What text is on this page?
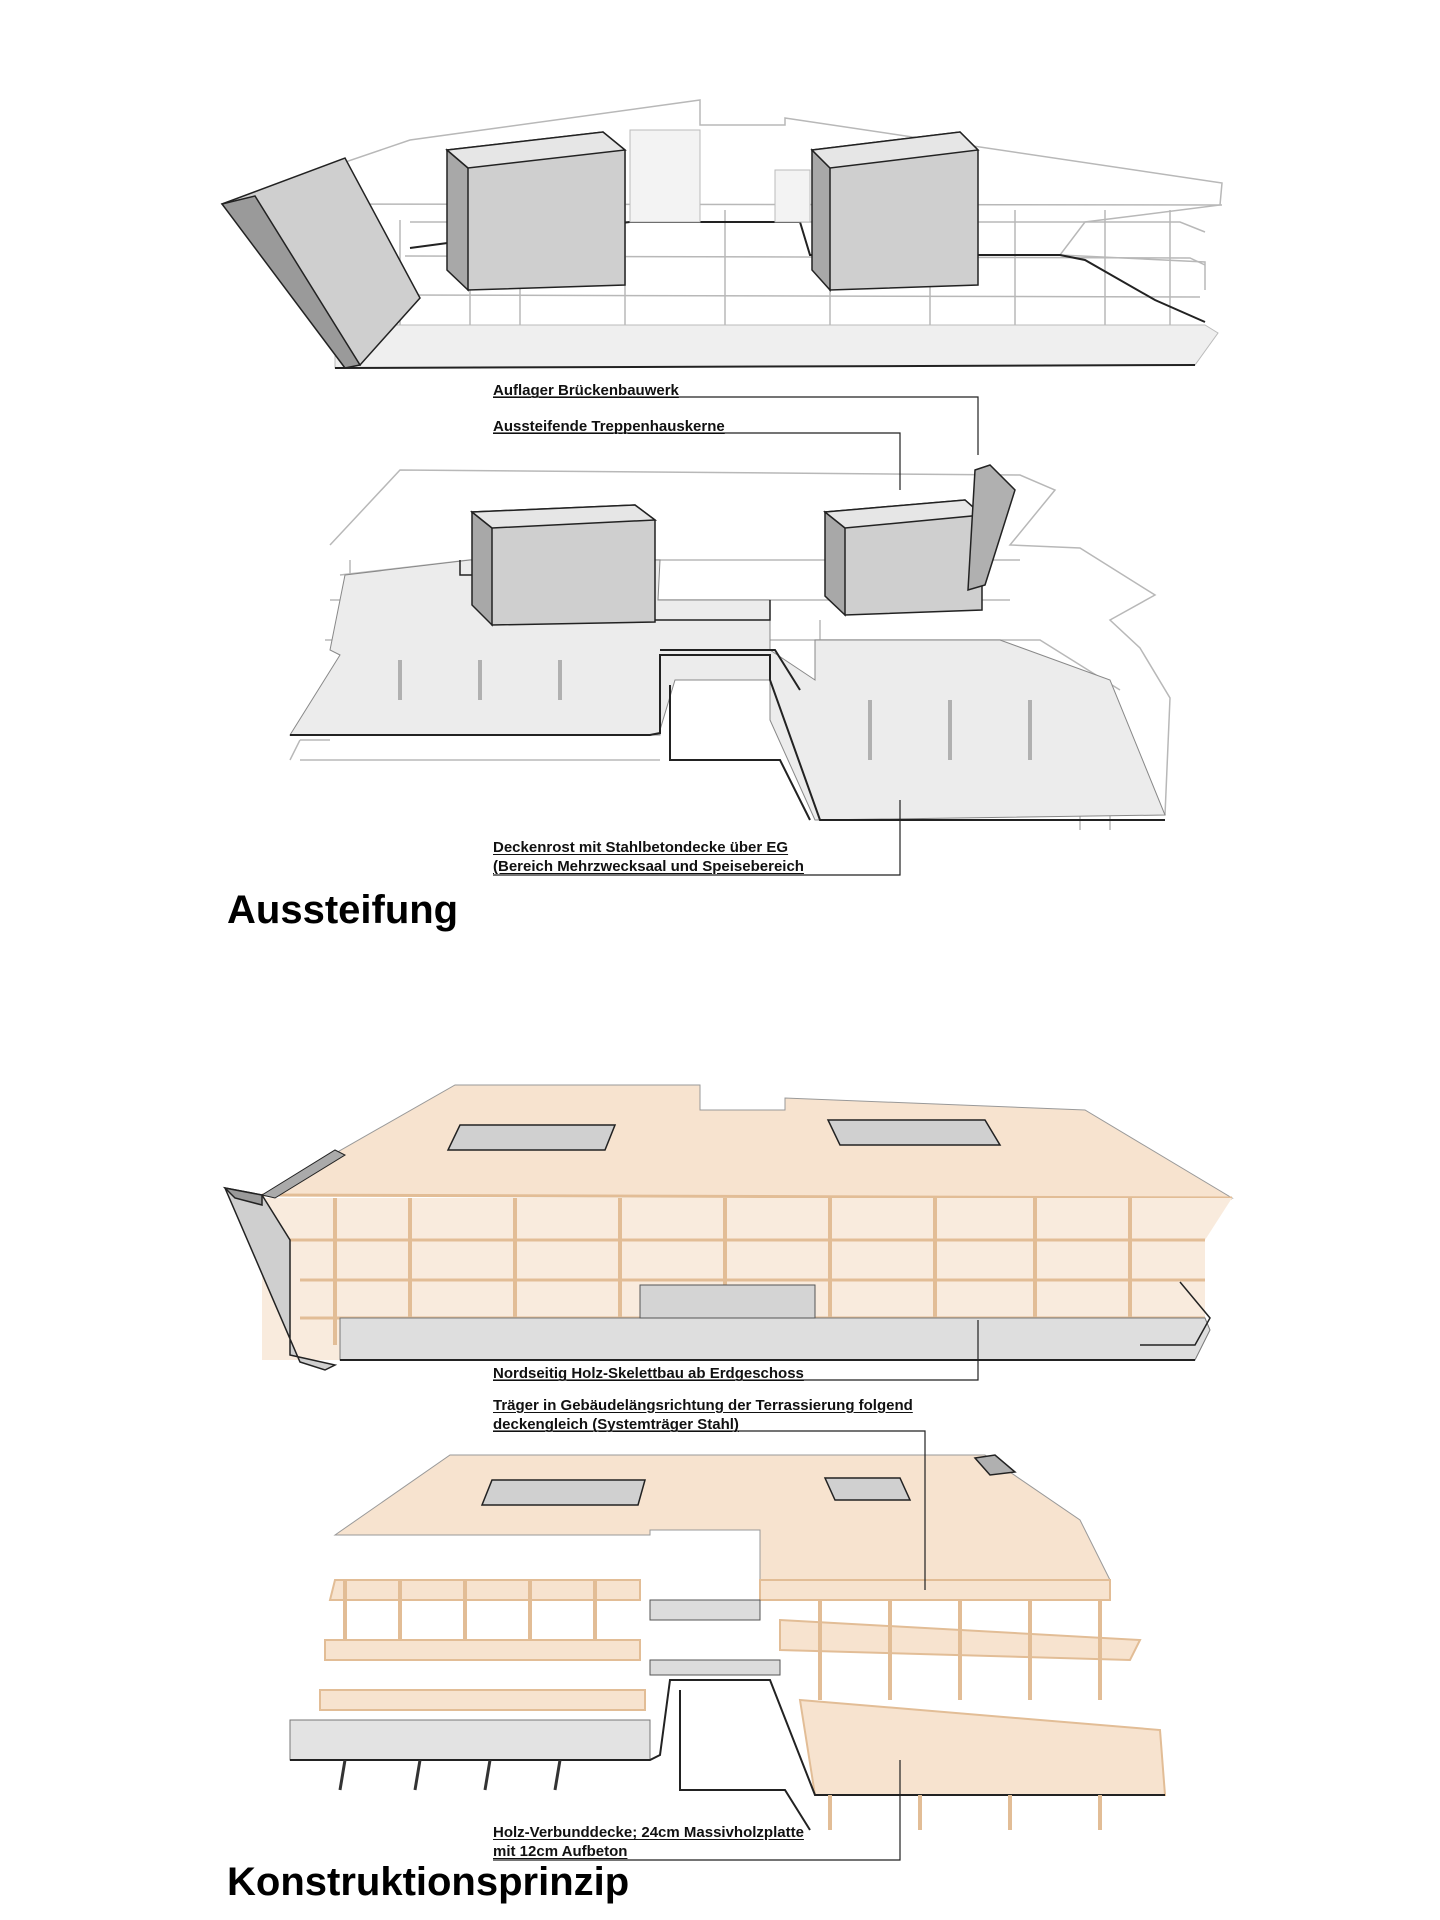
Auflager Brückenbauwerk
Aussteifende Treppenhauskerne
Deckenrost mit Stahlbetondecke über EG
(Bereich Mehrzwecksaal und Speisebereich
Aussteifung
Nordseitig Holz-Skelettbau ab Erdgeschoss
Träger in Gebäudelängsrichtung der Terrassierung folgend
deckengleich (Systemträger Stahl)
Holz-Verbunddecke; 24cm Massivholzplatte
mit 12cm Aufbeton
Konstruktionsprinzip
